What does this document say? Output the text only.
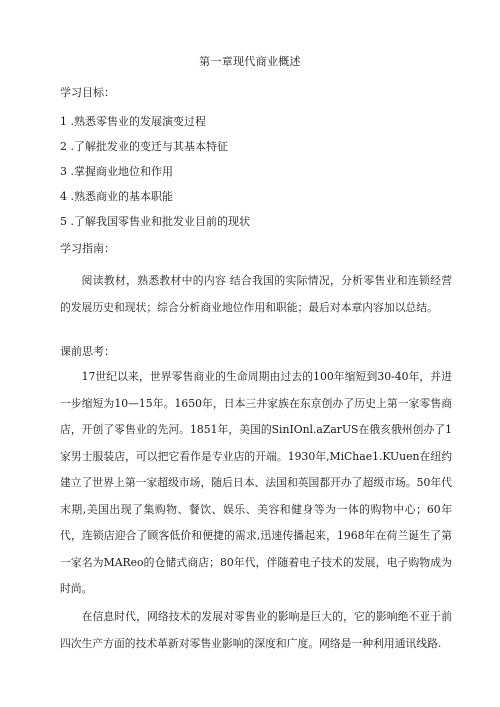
第一章现代商业概述
学习目标：
1 .熟悉零售业的发展演变过程
2 .了解批发业的变迁与其基本特征
3 .掌握商业地位和作用
4 .熟悉商业的基本职能
5 .了解我国零售业和批发业目前的现状
学习指南：

阅读教材，熟悉教材中的内容 结合我国的实际情况，分析零售业和连锁经营的发展历史和现状；综合分析商业地位作用和职能；最后对本章内容加以总结。

课前思考：

17世纪以来，世界零售商业的生命周期由过去的100年缩短到30-40年，并进一步缩短为10—15年。1650年，日本三井家族在东京创办了历史上第一家零售商店，开创了零售业的先河。1851年，美国的SinIOnl.aZarUS在俄亥俄州创办了1家男士服装店，可以把它看作是专业店的开端。1930年,MiChae1.KUuen在纽约建立了世界上第一家超级市场，随后日本、法国和英国都开办了超级市场。50年代末期,美国出现了集购物、餐饮、娱乐、美容和健身等为一体的购物中心；60年代，连锁店迎合了顾客低价和便捷的需求,迅速传播起来，1968年在荷兰诞生了第一家名为MAReo的仓储式商店；80年代，伴随着电子技术的发展，电子购物成为时尚。

在信息时代，网络技术的发展对零售业的影响是巨大的，它的影响绝不亚于前四次生产方面的技术革新对零售业影响的深度和广度。网络是一种利用通讯线路.
